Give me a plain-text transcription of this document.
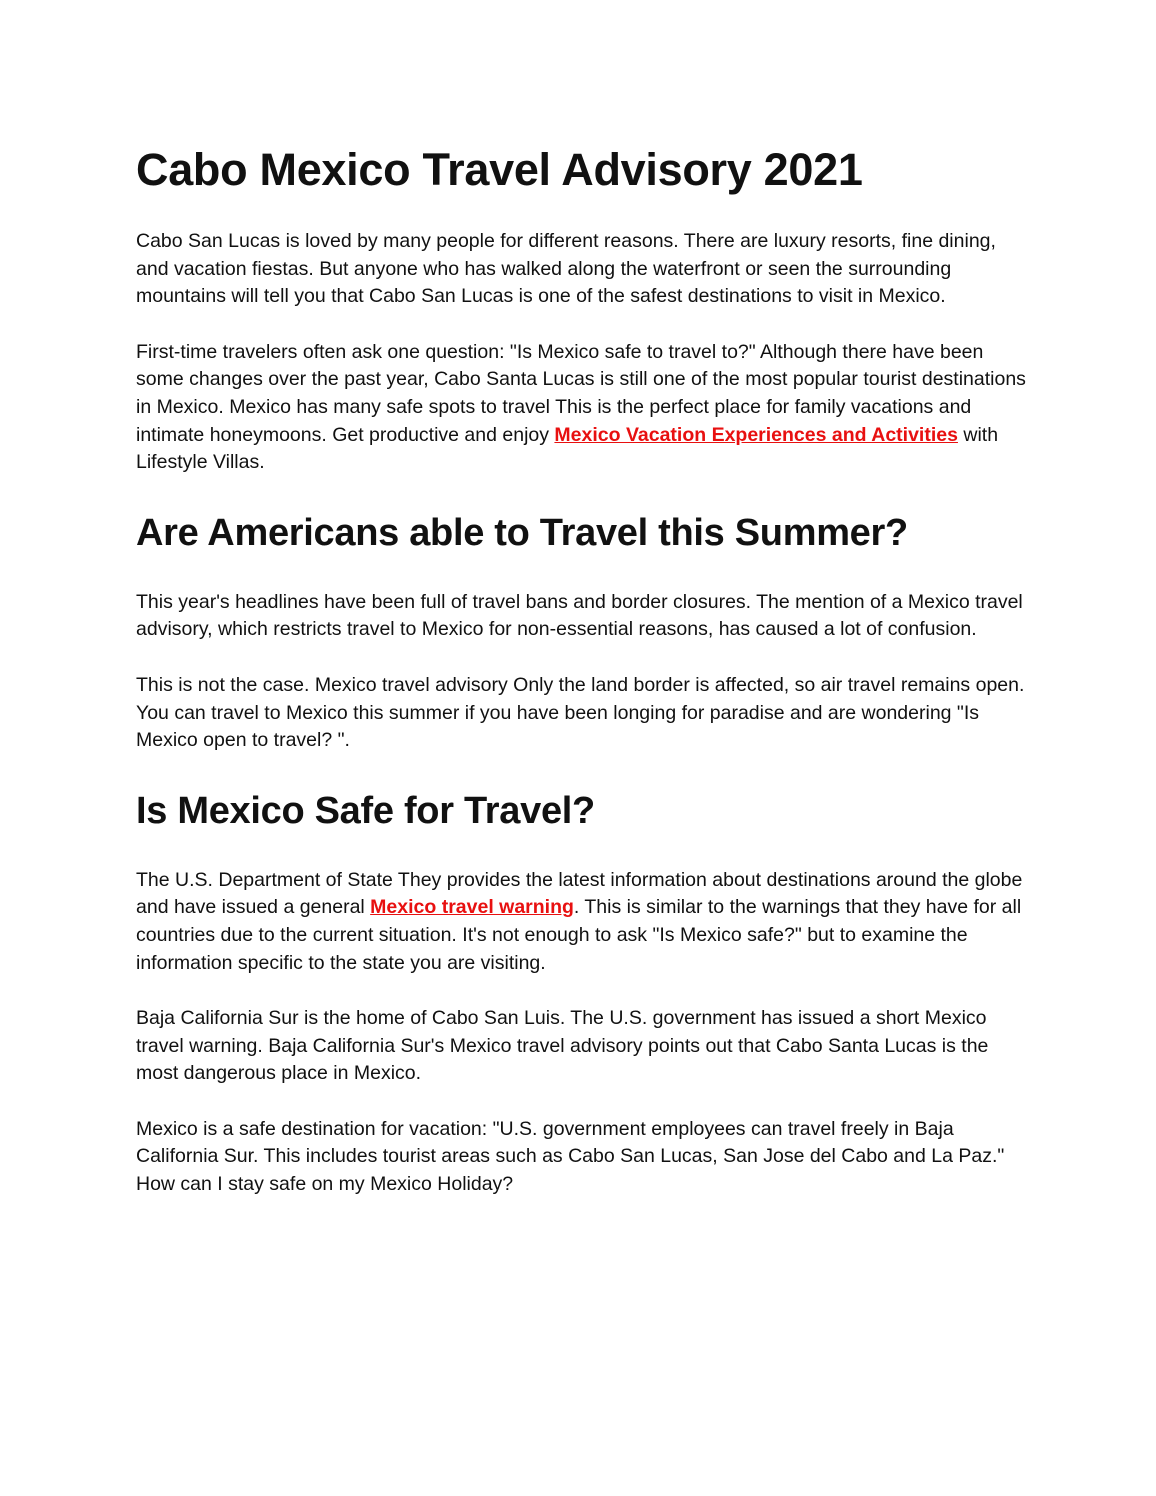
Cabo Mexico Travel Advisory 2021

Cabo San Lucas is loved by many people for different reasons. There are luxury resorts, fine dining, and vacation fiestas. But anyone who has walked along the waterfront or seen the surrounding mountains will tell you that Cabo San Lucas is one of the safest destinations to visit in Mexico.

First-time travelers often ask one question: "Is Mexico safe to travel to?" Although there have been some changes over the past year, Cabo Santa Lucas is still one of the most popular tourist destinations in Mexico. Mexico has many safe spots to travel This is the perfect place for family vacations and intimate honeymoons. Get productive and enjoy Mexico Vacation Experiences and Activities with Lifestyle Villas.

Are Americans able to Travel this Summer?

This year's headlines have been full of travel bans and border closures. The mention of a Mexico travel advisory, which restricts travel to Mexico for non-essential reasons, has caused a lot of confusion.

This is not the case. Mexico travel advisory Only the land border is affected, so air travel remains open. You can travel to Mexico this summer if you have been longing for paradise and are wondering "Is Mexico open to travel? ".

Is Mexico Safe for Travel?

The U.S. Department of State They provides the latest information about destinations around the globe and have issued a general Mexico travel warning. This is similar to the warnings that they have for all countries due to the current situation. It's not enough to ask "Is Mexico safe?" but to examine the information specific to the state you are visiting.

Baja California Sur is the home of Cabo San Luis. The U.S. government has issued a short Mexico travel warning. Baja California Sur's Mexico travel advisory points out that Cabo Santa Lucas is the most dangerous place in Mexico.

Mexico is a safe destination for vacation: "U.S. government employees can travel freely in Baja California Sur. This includes tourist areas such as Cabo San Lucas, San Jose del Cabo and La Paz." How can I stay safe on my Mexico Holiday?
